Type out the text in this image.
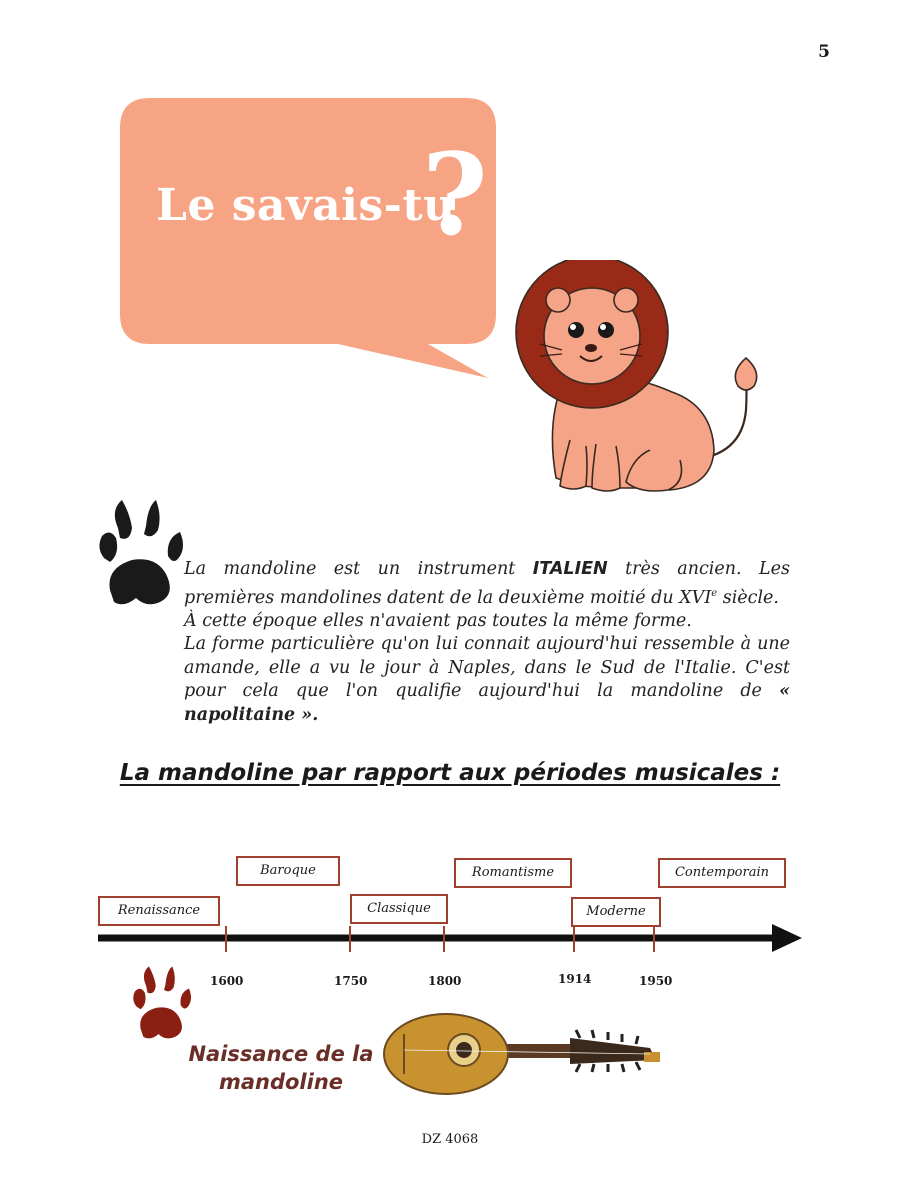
5
Le savais-tu
?

La mandoline est un instrument ITALIEN très ancien. Les premières mandolines datent de la deuxième moitié du XVIe siècle.

À cette époque elles n'avaient pas toutes la même forme.

La forme particulière qu'on lui connait aujourd'hui ressemble à une amande, elle a vu le jour à Naples, dans le Sud de l'Italie. C'est pour cela que l'on qualifie aujourd'hui la mandoline de « napolitaine ».

La mandoline par rapport aux périodes musicales :
Renaissance
Baroque
Classique
Romantisme
Moderne
Contemporain
1600	1750	1800	1914	1950
Naissance de la mandoline
DZ 4068
